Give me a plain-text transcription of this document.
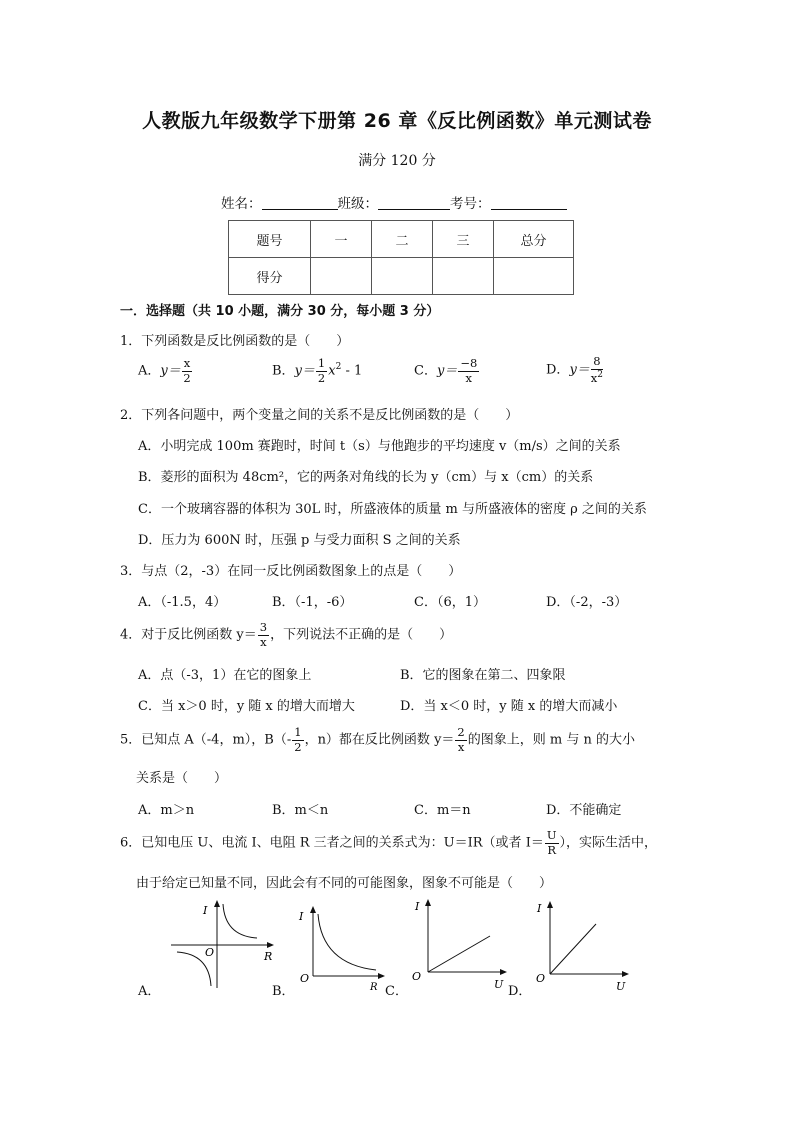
人教版九年级数学下册第 26 章《反比例函数》单元测试卷
满分 120 分
姓名：	班级：	考号：
题号	一	二	三	总分
得分				
一．选择题（共 10 小题，满分 30 分，每小题 3 分）
1．下列函数是反比例函数的是（　　）
A．$y= \frac{x}{2}$	B．$y= \frac{1}{2} x^2 - 1$	C．$y= \frac{-8}{x}$	D．$y= \frac{8}{x^2}$
2．下列各问题中，两个变量之间的关系不是反比例函数的是（　　）
A．小明完成 100m 赛跑时，时间 t（s）与他跑步的平均速度 v（m/s）之间的关系
B．菱形的面积为 48cm²，它的两条对角线的长为 y（cm）与 x（cm）的关系
C．一个玻璃容器的体积为 30L 时，所盛液体的质量 m 与所盛液体的密度 ρ 之间的关系
D．压力为 600N 时，压强 p 与受力面积 S 之间的关系
3．与点（2，-3）在同一反比例函数图象上的点是（　　）
A．（-1.5，4）	B．（-1，-6）	C．（6，1）	D．（-2，-3）
4．对于反比例函数 $y= \frac{3}{x}$ ，下列说法不正确的是（　　）
A．点（-3，1）在它的图象上	B．它的图象在第二、四象限
C．当 x＞0 时，y 随 x 的增大而增大	D．当 x＜0 时，y 随 x 的增大而减小
5．已知点 A（-4，m），$B(- \frac{1}{2}$ ，n）都在反比例函数 $y= \frac{2}{x}$ 的图象上，则 m 与 n 的大小
关系是（　　）
A．m＞n	B．m＜n	C．m＝n	D．不能确定
6．已知电压 U、电流 I、电阻 R 三者之间的关系式为：U＝IR（或者 $I= \frac{U}{R}$ ），实际生活中，
由于给定已知量不同，因此会有不同的可能图象，图象不可能是（　　）
A．	B．	C．	D．
I
R
O
I
R
O
I
U
O
I
U
O
